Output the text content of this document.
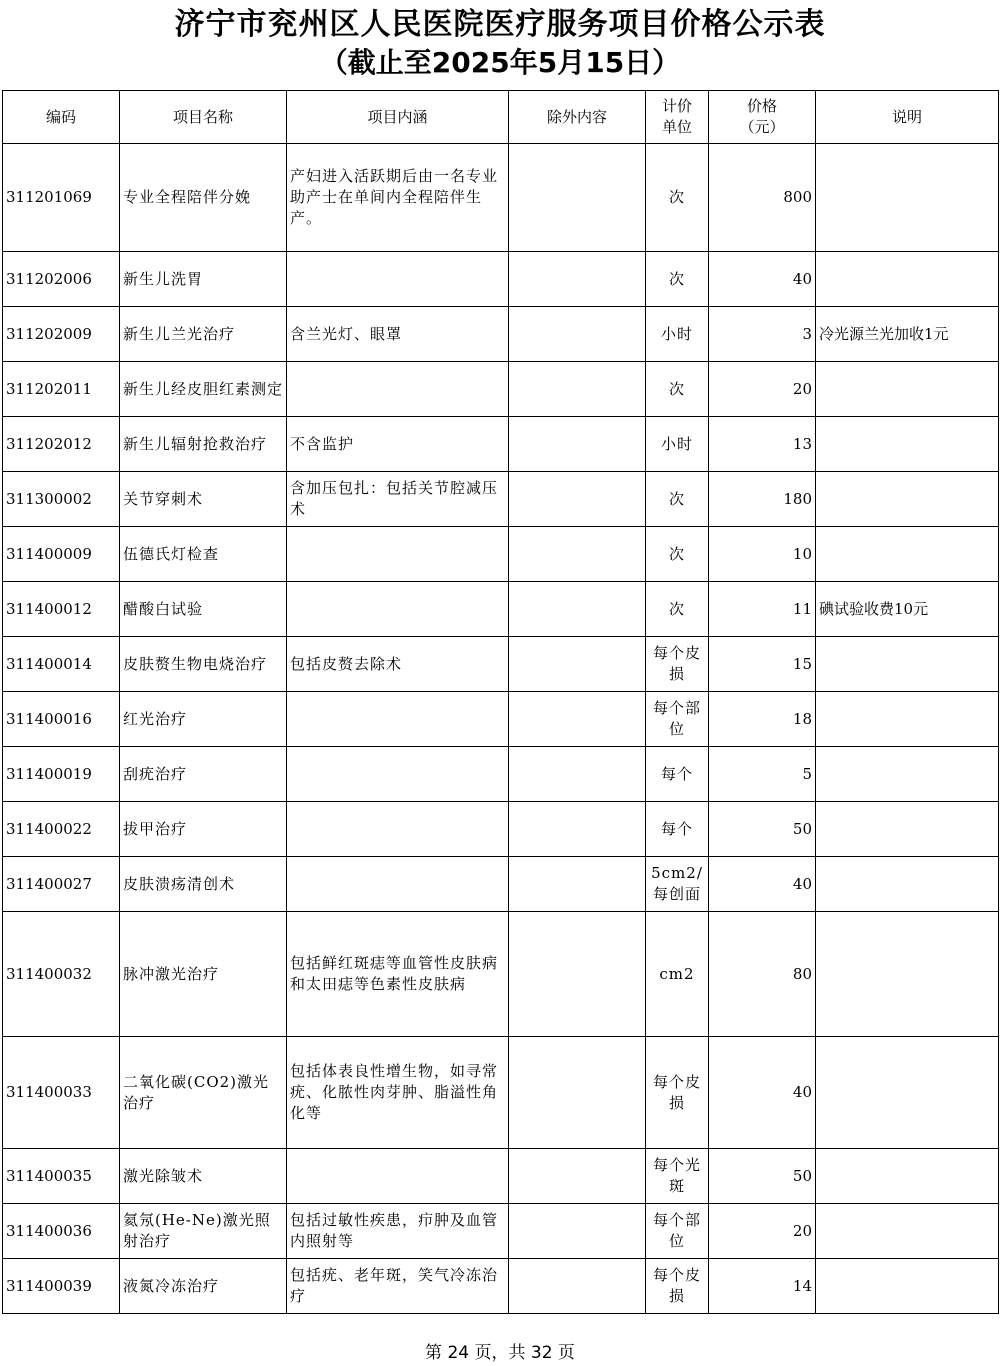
济宁市兖州区人民医院医疗服务项目价格公示表
（截止至2025年5月15日）
编码	项目名称	项目内涵	除外内容	计价单位	价格（元）	说明
311201069	专业全程陪伴分娩	产妇进入活跃期后由一名专业助产士在单间内全程陪伴生产。		次	800	
311202006	新生儿洗胃			次	40	
311202009	新生儿兰光治疗	含兰光灯、眼罩		小时	3	冷光源兰光加收1元
311202011	新生儿经皮胆红素测定			次	20	
311202012	新生儿辐射抢救治疗	不含监护		小时	13	
311300002	关节穿刺术	含加压包扎：包括关节腔减压术		次	180	
311400009	伍德氏灯检查			次	10	
311400012	醋酸白试验			次	11	碘试验收费10元
311400014	皮肤赘生物电烧治疗	包括皮赘去除术		每个皮损	15	
311400016	红光治疗			每个部位	18	
311400019	刮疣治疗			每个	5	
311400022	拔甲治疗			每个	50	
311400027	皮肤溃疡清创术			5cm2/每创面	40	
311400032	脉冲激光治疗	包括鲜红斑痣等血管性皮肤病和太田痣等色素性皮肤病		cm2	80	
311400033	二氧化碳(CO2)激光治疗	包括体表良性增生物，如寻常疣、化脓性肉芽肿、脂溢性角化等		每个皮损	40	
311400035	激光除皱术			每个光斑	50	
311400036	氦氖(He-Ne)激光照射治疗	包括过敏性疾患，疖肿及血管内照射等		每个部位	20	
311400039	液氮冷冻治疗	包括疣、老年斑，笑气冷冻治疗		每个皮损	14	
第 24 页，共 32 页
